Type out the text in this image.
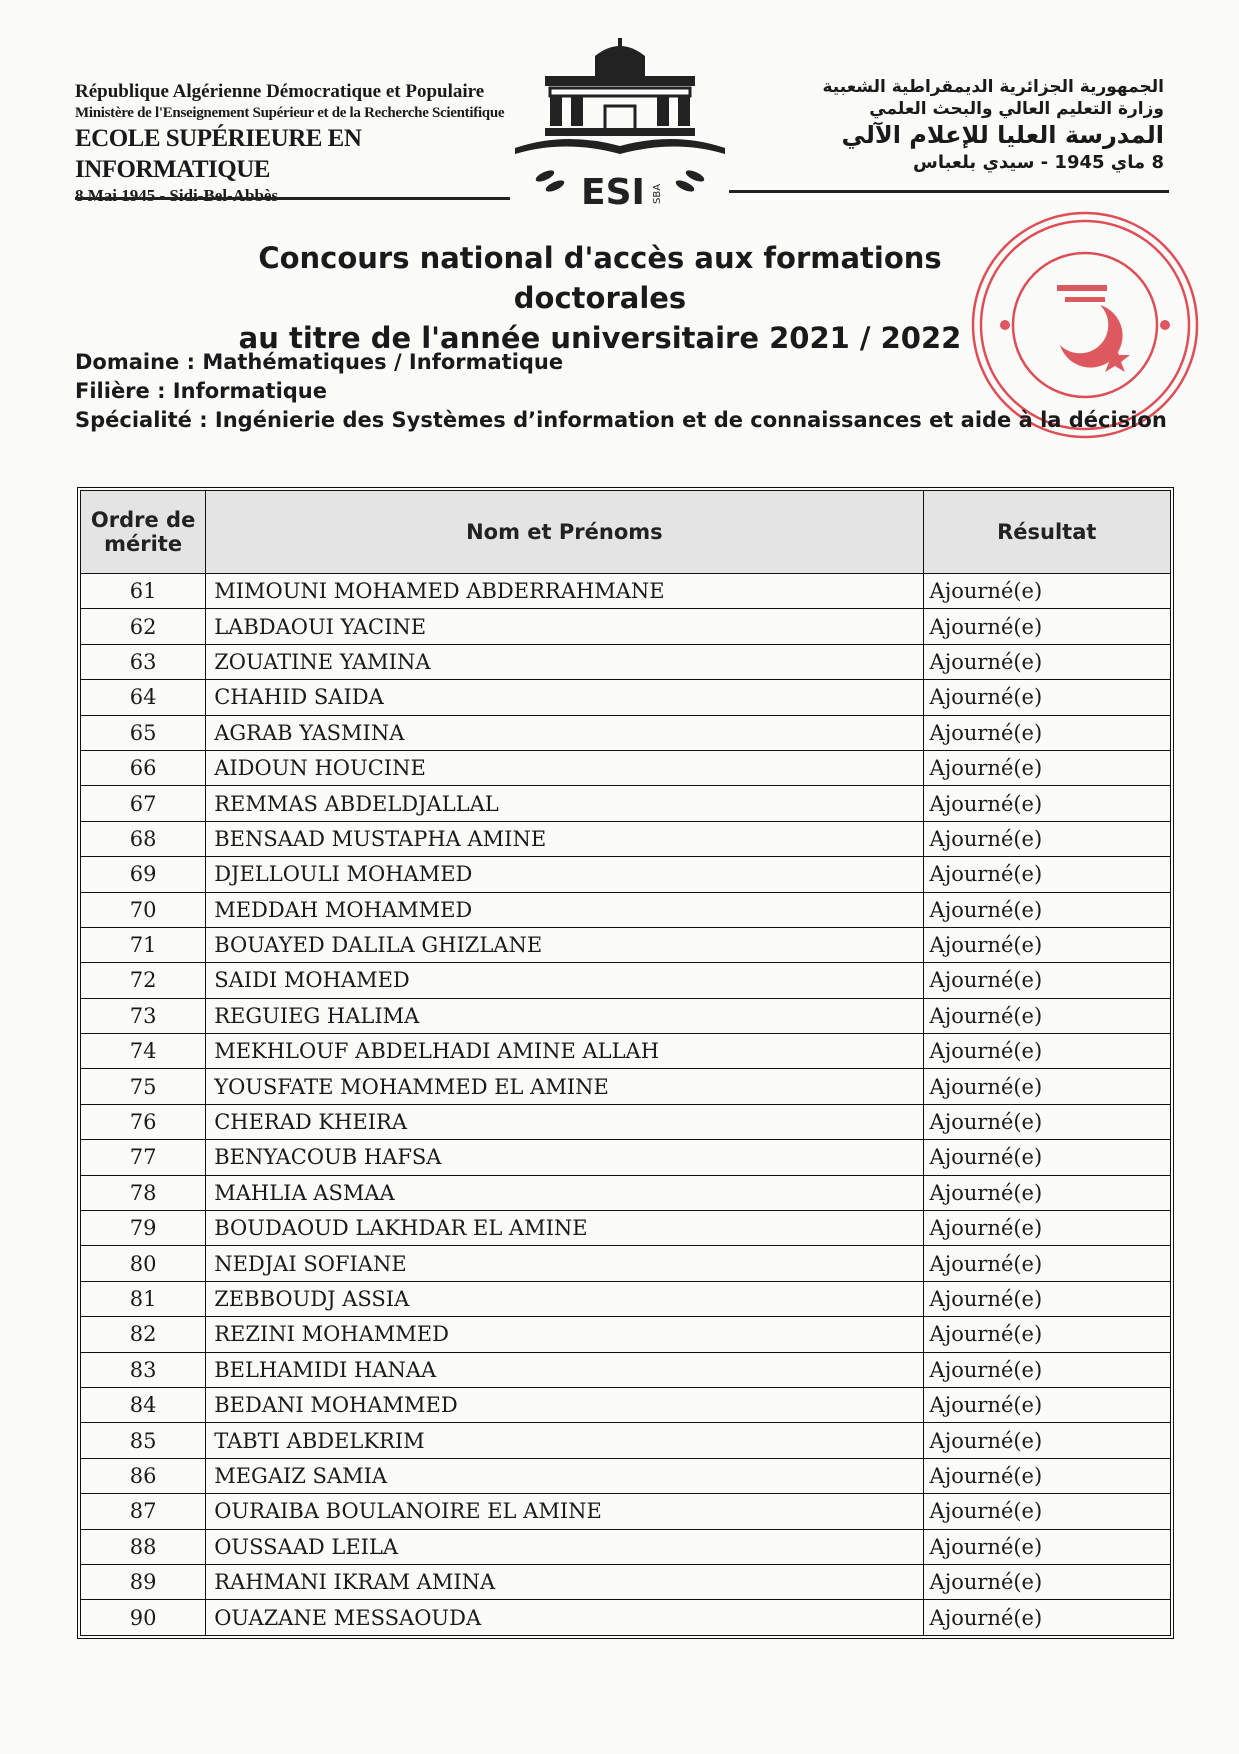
République Algérienne Démocratique et Populaire
Ministère de l'Enseignement Supérieur et de la Recherche Scientifique
ECOLE SUPÉRIEURE EN INFORMATIQUE
8 Mai 1945 - Sidi-Bel-Abbès	ESI SBA
الجمهورية الجزائرية الديمقراطية الشعبية
وزارة التعليم العالي والبحث العلمي
المدرسة العليا للإعلام الآلي
8 ماي 1945 - سيدي بلعباس
Concours national d'accès aux formations doctorales
au titre de l'année universitaire 2021 / 2022
Domaine : Mathématiques / Informatique
Filière : Informatique
Spécialité : Ingénierie des Systèmes d’information et de connaissances et aide à la décision
Ordre de
mérite	Nom et Prénoms	Résultat
61	MIMOUNI MOHAMED ABDERRAHMANE	Ajourné(e)
62	LABDAOUI YACINE	Ajourné(e)
63	ZOUATINE YAMINA	Ajourné(e)
64	CHAHID SAIDA	Ajourné(e)
65	AGRAB YASMINA	Ajourné(e)
66	AIDOUN HOUCINE	Ajourné(e)
67	REMMAS ABDELDJALLAL	Ajourné(e)
68	BENSAAD MUSTAPHA AMINE	Ajourné(e)
69	DJELLOULI MOHAMED	Ajourné(e)
70	MEDDAH MOHAMMED	Ajourné(e)
71	BOUAYED DALILA GHIZLANE	Ajourné(e)
72	SAIDI MOHAMED	Ajourné(e)
73	REGUIEG HALIMA	Ajourné(e)
74	MEKHLOUF ABDELHADI AMINE ALLAH	Ajourné(e)
75	YOUSFATE MOHAMMED EL AMINE	Ajourné(e)
76	CHERAD KHEIRA	Ajourné(e)
77	BENYACOUB HAFSA	Ajourné(e)
78	MAHLIA ASMAA	Ajourné(e)
79	BOUDAOUD LAKHDAR EL AMINE	Ajourné(e)
80	NEDJAI SOFIANE	Ajourné(e)
81	ZEBBOUDJ ASSIA	Ajourné(e)
82	REZINI MOHAMMED	Ajourné(e)
83	BELHAMIDI HANAA	Ajourné(e)
84	BEDANI MOHAMMED	Ajourné(e)
85	TABTI ABDELKRIM	Ajourné(e)
86	MEGAIZ SAMIA	Ajourné(e)
87	OURAIBA BOULANOIRE EL AMINE	Ajourné(e)
88	OUSSAAD LEILA	Ajourné(e)
89	RAHMANI IKRAM AMINA	Ajourné(e)
90	OUAZANE MESSAOUDA	Ajourné(e)
